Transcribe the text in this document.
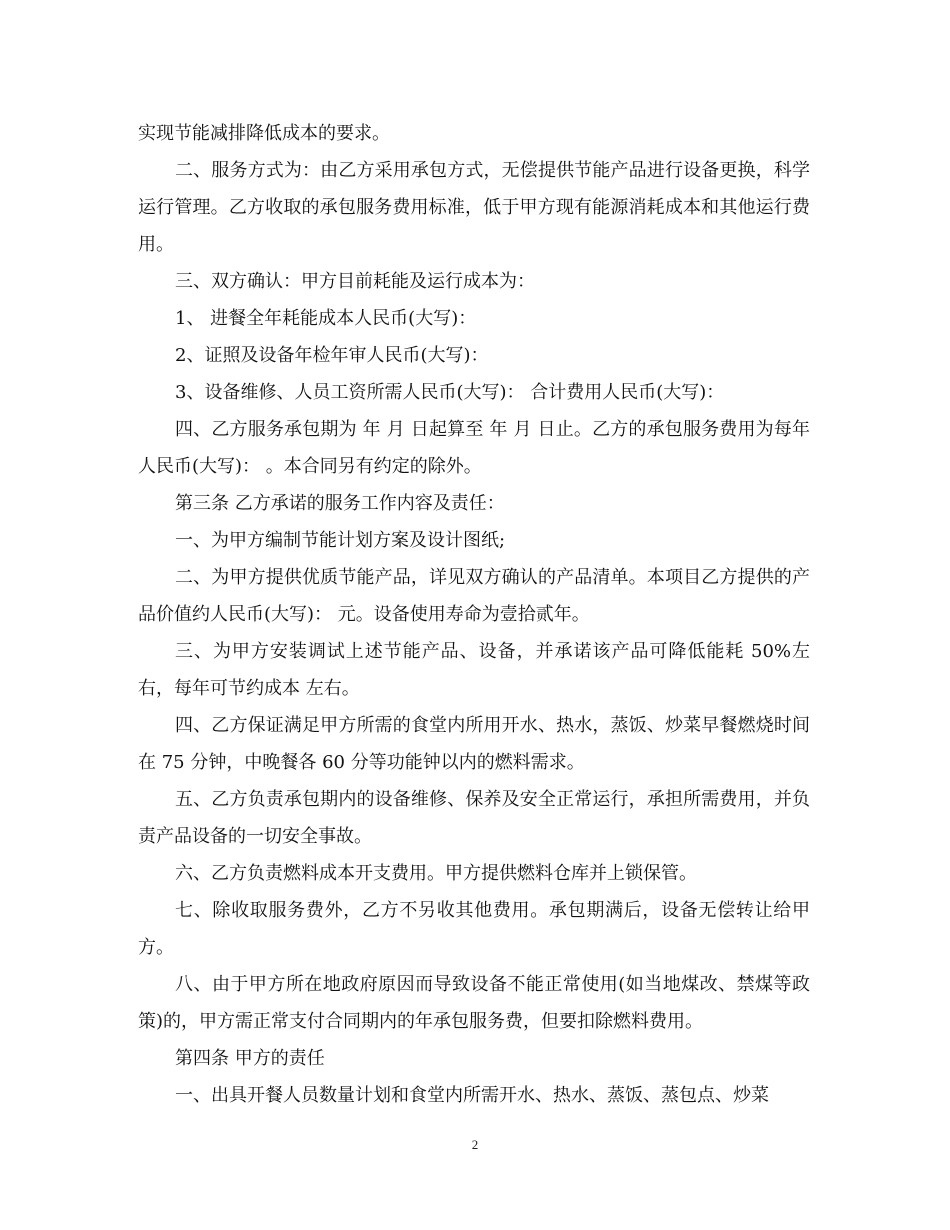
实现节能减排降低成本的要求。

二、服务方式为：由乙方采用承包方式，无偿提供节能产品进行设备更换，科学运行管理。乙方收取的承包服务费用标准，低于甲方现有能源消耗成本和其他运行费用。

三、双方确认：甲方目前耗能及运行成本为：

1、 进餐全年耗能成本人民币(大写)：

2、证照及设备年检年审人民币(大写)：

3、设备维修、人员工资所需人民币(大写)： 合计费用人民币(大写)：

四、乙方服务承包期为 年 月 日起算至 年 月 日止。乙方的承包服务费用为每年人民币(大写)： 。本合同另有约定的除外。

第三条 乙方承诺的服务工作内容及责任：

一、为甲方编制节能计划方案及设计图纸;

二、为甲方提供优质节能产品，详见双方确认的产品清单。本项目乙方提供的产品价值约人民币(大写)： 元。设备使用寿命为壹拾贰年。

三、为甲方安装调试上述节能产品、设备，并承诺该产品可降低能耗 50%左右，每年可节约成本 左右。

四、乙方保证满足甲方所需的食堂内所用开水、热水，蒸饭、炒菜早餐燃烧时间在 75 分钟，中晚餐各 60 分等功能钟以内的燃料需求。

五、乙方负责承包期内的设备维修、保养及安全正常运行，承担所需费用，并负责产品设备的一切安全事故。

六、乙方负责燃料成本开支费用。甲方提供燃料仓库并上锁保管。

七、除收取服务费外，乙方不另收其他费用。承包期满后，设备无偿转让给甲方。

八、由于甲方所在地政府原因而导致设备不能正常使用(如当地煤改、禁煤等政策)的，甲方需正常支付合同期内的年承包服务费，但要扣除燃料费用。

第四条 甲方的责任

一、出具开餐人员数量计划和食堂内所需开水、热水、蒸饭、蒸包点、炒菜

2
